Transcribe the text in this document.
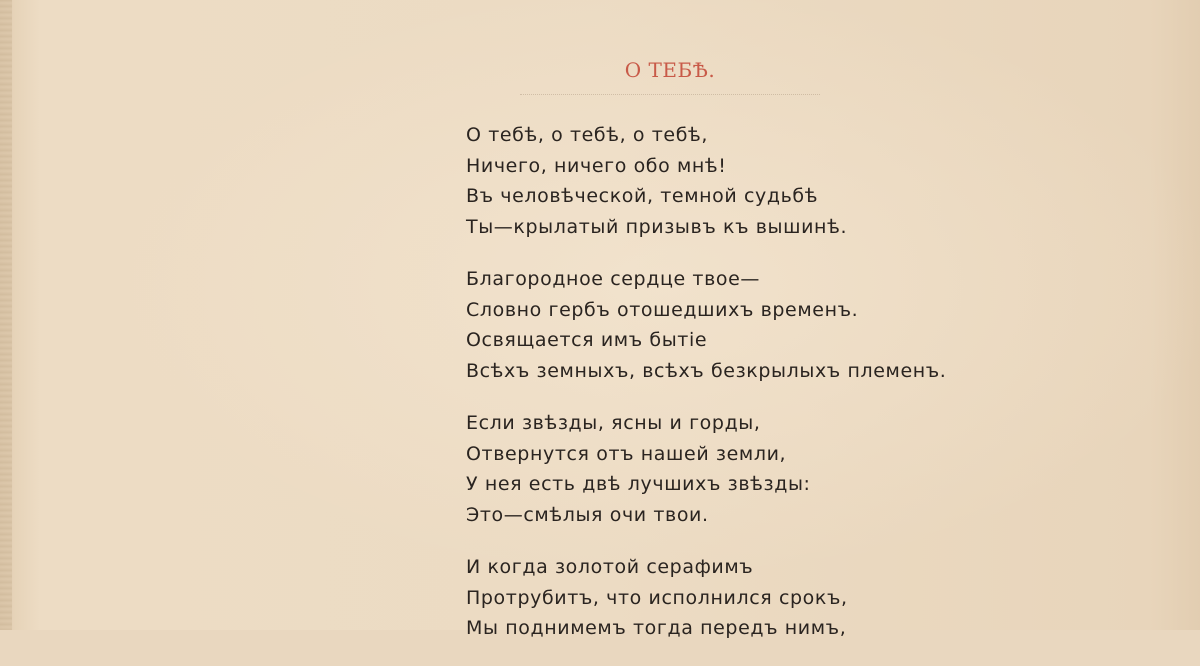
О ТЕБѢ.
О тебѣ, о тебѣ, о тебѣ,
Ничего, ничего обо мнѣ!
Въ человѣческой, темной судьбѣ
Ты—крылатый призывъ къ вышинѣ.
Благородное сердце твое—
Словно гербъ отошедшихъ временъ.
Освящается имъ бытіе
Всѣхъ земныхъ, всѣхъ безкрылыхъ племенъ.
Если звѣзды, ясны и горды,
Отвернутся отъ нашей земли,
У нея есть двѣ лучшихъ звѣзды:
Это—смѣлыя очи твои.
И когда золотой серафимъ
Протрубитъ, что исполнился срокъ,
Мы поднимемъ тогда передъ нимъ,
